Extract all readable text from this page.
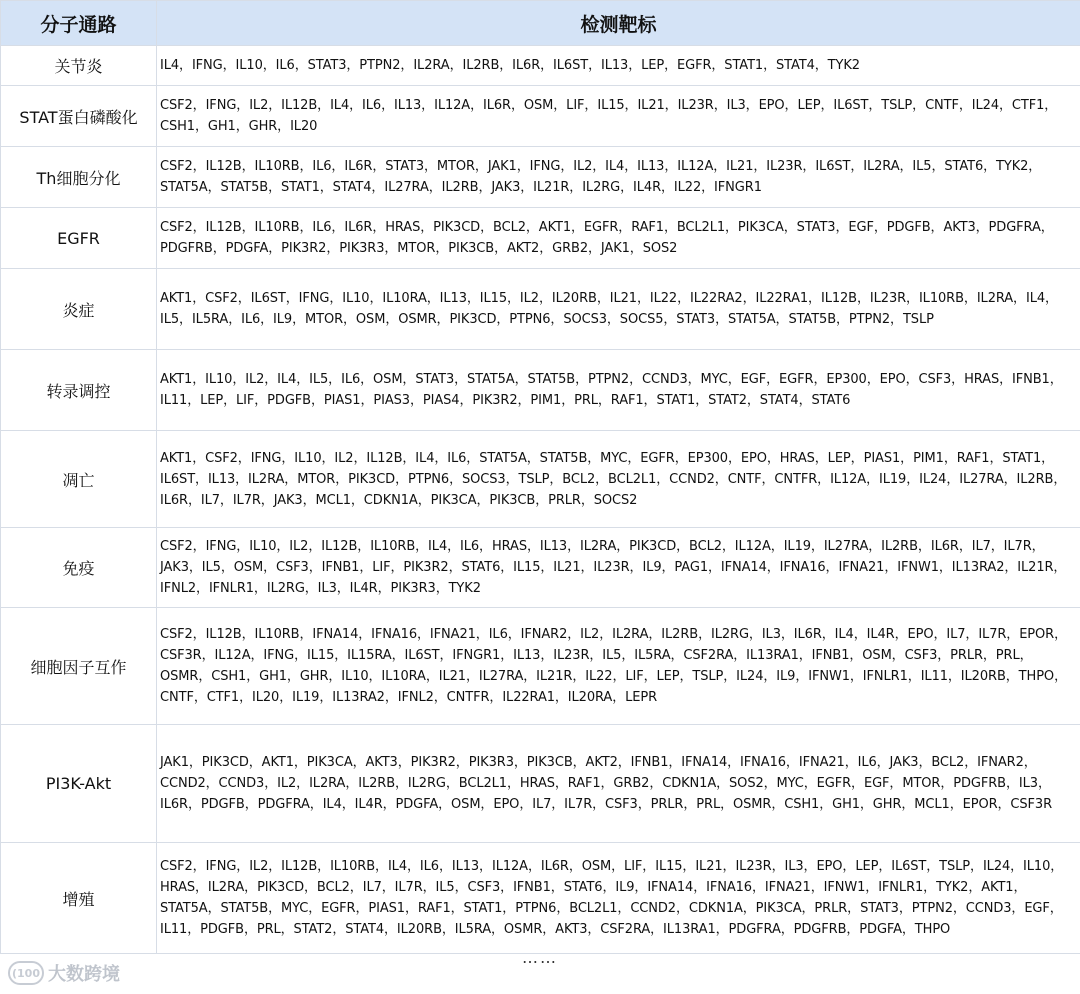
分子通路	检测靶标
关节炎	IL4，IFNG，IL10，IL6，STAT3，PTPN2，IL2RA，IL2RB，IL6R，IL6ST，IL13，LEP，EGFR，STAT1，STAT4，TYK2
STAT蛋白磷酸化	CSF2，IFNG，IL2，IL12B，IL4，IL6，IL13，IL12A，IL6R，OSM，LIF，IL15，IL21，IL23R，IL3，EPO，LEP，IL6ST，TSLP，CNTF，IL24，CTF1，CSH1，GH1，GHR，IL20
Th细胞分化	CSF2，IL12B，IL10RB，IL6，IL6R，STAT3，MTOR，JAK1，IFNG，IL2，IL4，IL13，IL12A，IL21，IL23R，IL6ST，IL2RA，IL5，STAT6，TYK2，STAT5A，STAT5B，STAT1，STAT4，IL27RA，IL2RB，JAK3，IL21R，IL2RG，IL4R，IL22，IFNGR1
EGFR	CSF2，IL12B，IL10RB，IL6，IL6R，HRAS，PIK3CD，BCL2，AKT1，EGFR，RAF1，BCL2L1，PIK3CA，STAT3，EGF，PDGFB，AKT3，PDGFRA，PDGFRB，PDGFA，PIK3R2，PIK3R3，MTOR，PIK3CB，AKT2，GRB2，JAK1，SOS2
炎症	AKT1，CSF2，IL6ST，IFNG，IL10，IL10RA，IL13，IL15，IL2，IL20RB，IL21，IL22，IL22RA2，IL22RA1，IL12B，IL23R，IL10RB，IL2RA，IL4，IL5，IL5RA，IL6，IL9，MTOR，OSM，OSMR，PIK3CD，PTPN6，SOCS3，SOCS5，STAT3，STAT5A，STAT5B，PTPN2，TSLP
转录调控	AKT1，IL10，IL2，IL4，IL5，IL6，OSM，STAT3，STAT5A，STAT5B，PTPN2，CCND3，MYC，EGF，EGFR，EP300，EPO，CSF3，HRAS，IFNB1，IL11，LEP，LIF，PDGFB，PIAS1，PIAS3，PIAS4，PIK3R2，PIM1，PRL，RAF1，STAT1，STAT2，STAT4，STAT6
凋亡	AKT1，CSF2，IFNG，IL10，IL2，IL12B，IL4，IL6，STAT5A，STAT5B，MYC，EGFR，EP300，EPO，HRAS，LEP，PIAS1，PIM1，RAF1，STAT1，IL6ST，IL13，IL2RA，MTOR，PIK3CD，PTPN6，SOCS3，TSLP，BCL2，BCL2L1，CCND2，CNTF，CNTFR，IL12A，IL19，IL24，IL27RA，IL2RB，IL6R，IL7，IL7R，JAK3，MCL1，CDKN1A，PIK3CA，PIK3CB，PRLR，SOCS2
免疫	CSF2，IFNG，IL10，IL2，IL12B，IL10RB，IL4，IL6，HRAS，IL13，IL2RA，PIK3CD，BCL2，IL12A，IL19，IL27RA，IL2RB，IL6R，IL7，IL7R，JAK3，IL5，OSM，CSF3，IFNB1，LIF，PIK3R2，STAT6，IL15，IL21，IL23R，IL9，PAG1，IFNA14，IFNA16，IFNA21，IFNW1，IL13RA2，IL21R，IFNL2，IFNLR1，IL2RG，IL3，IL4R，PIK3R3，TYK2
细胞因子互作	CSF2，IL12B，IL10RB，IFNA14，IFNA16，IFNA21，IL6，IFNAR2，IL2，IL2RA，IL2RB，IL2RG，IL3，IL6R，IL4，IL4R，EPO，IL7，IL7R，EPOR，CSF3R，IL12A，IFNG，IL15，IL15RA，IL6ST，IFNGR1，IL13，IL23R，IL5，IL5RA，CSF2RA，IL13RA1，IFNB1，OSM，CSF3，PRLR，PRL，OSMR，CSH1，GH1，GHR，IL10，IL10RA，IL21，IL27RA，IL21R，IL22，LIF，LEP，TSLP，IL24，IL9，IFNW1，IFNLR1，IL11，IL20RB，THPO，CNTF，CTF1，IL20，IL19，IL13RA2，IFNL2，CNTFR，IL22RA1，IL20RA，LEPR
PI3K-Akt	JAK1，PIK3CD，AKT1，PIK3CA，AKT3，PIK3R2，PIK3R3，PIK3CB，AKT2，IFNB1，IFNA14，IFNA16，IFNA21，IL6，JAK3，BCL2，IFNAR2，CCND2，CCND3，IL2，IL2RA，IL2RB，IL2RG，BCL2L1，HRAS，RAF1，GRB2，CDKN1A，SOS2，MYC，EGFR，EGF，MTOR，PDGFRB，IL3，IL6R，PDGFB，PDGFRA，IL4，IL4R，PDGFA，OSM，EPO，IL7，IL7R，CSF3，PRLR，PRL，OSMR，CSH1，GH1，GHR，MCL1，EPOR，CSF3R
增殖	CSF2，IFNG，IL2，IL12B，IL10RB，IL4，IL6，IL13，IL12A，IL6R，OSM，LIF，IL15，IL21，IL23R，IL3，EPO，LEP，IL6ST，TSLP，IL24，IL10，HRAS，IL2RA，PIK3CD，BCL2，IL7，IL7R，IL5，CSF3，IFNB1，STAT6，IL9，IFNA14，IFNA16，IFNA21，IFNW1，IFNLR1，TYK2，AKT1，STAT5A，STAT5B，MYC，EGFR，PIAS1，RAF1，STAT1，PTPN6，BCL2L1，CCND2，CDKN1A，PIK3CA，PRLR，STAT3，PTPN2，CCND3，EGF，IL11，PDGFB，PRL，STAT2，STAT4，IL20RB，IL5RA，OSMR，AKT3，CSF2RA，IL13RA1，PDGFRA，PDGFRB，PDGFA，THPO
……
(100 大数跨境
